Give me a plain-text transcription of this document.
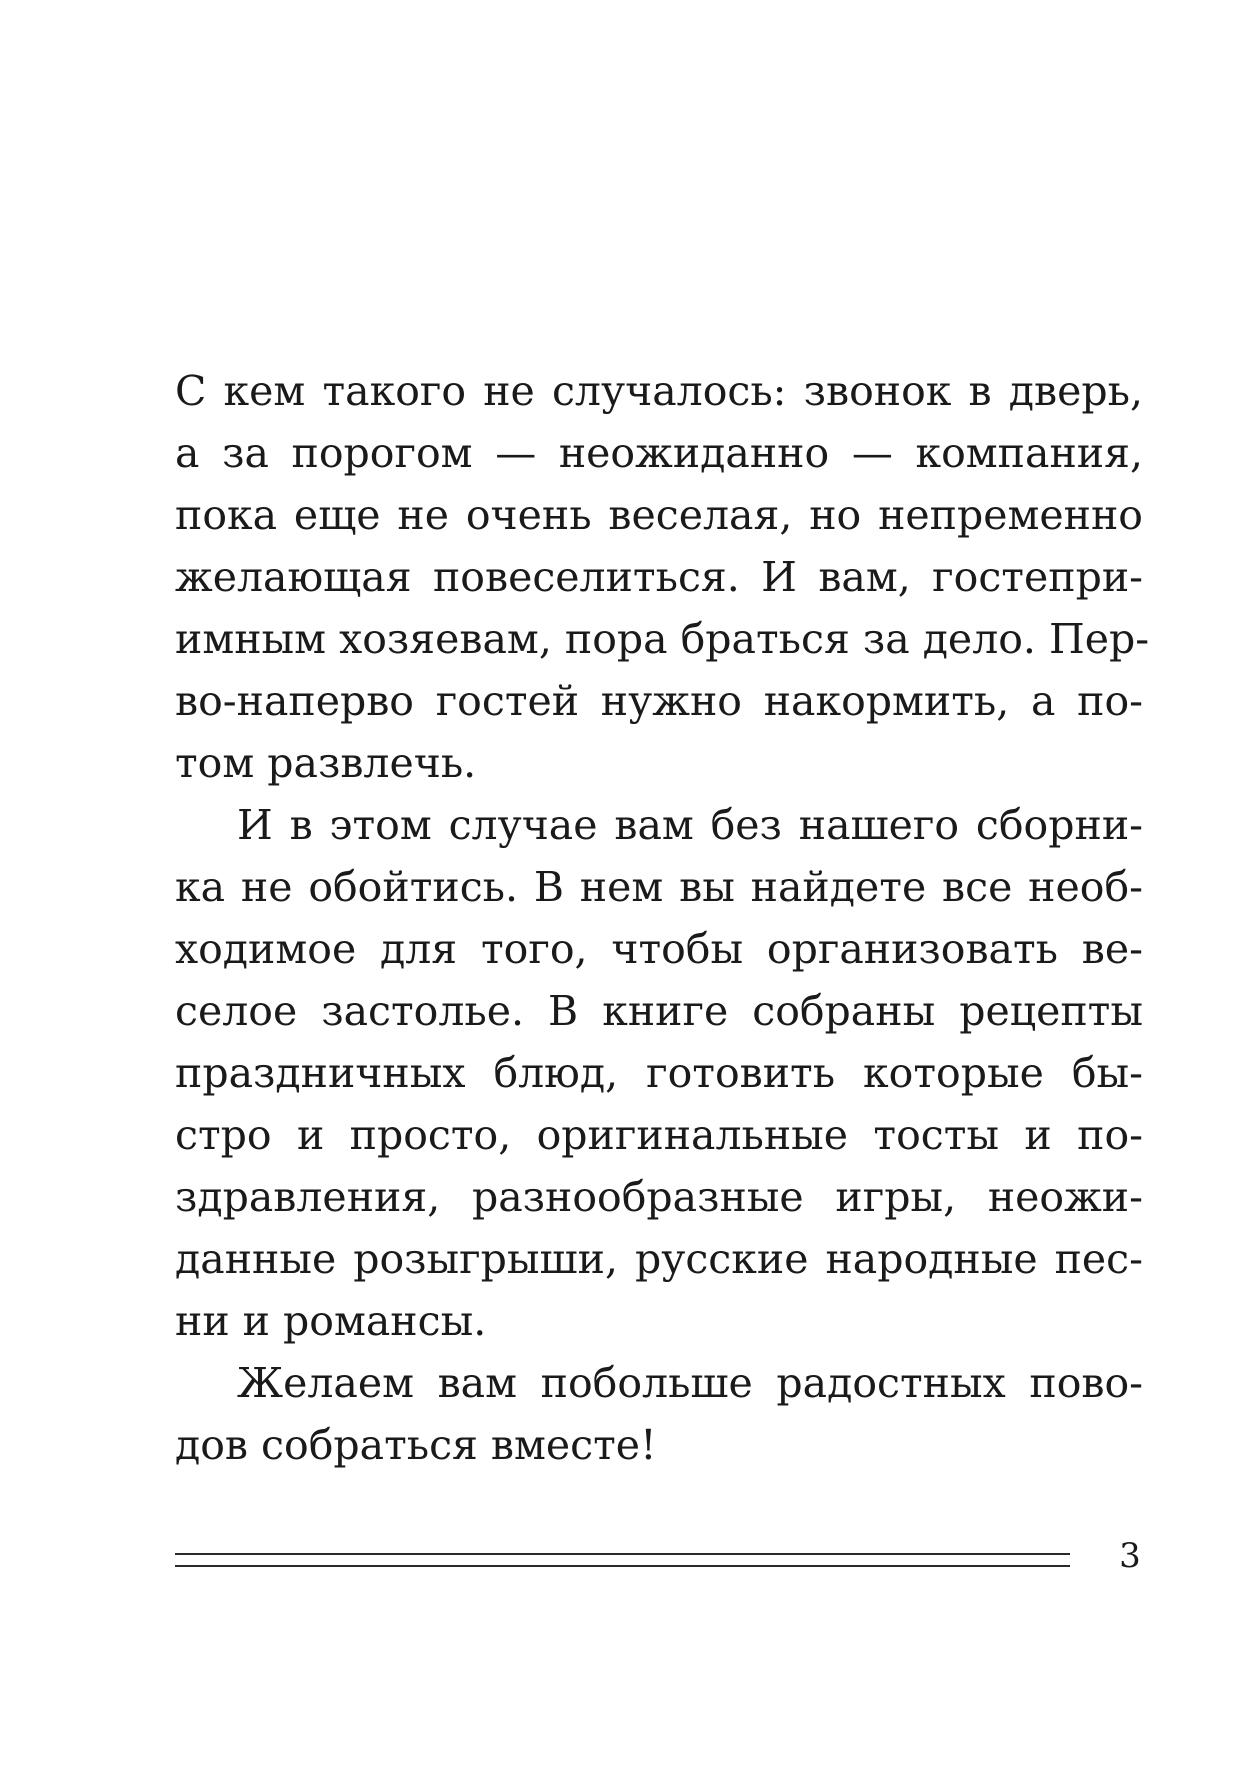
С кем такого не случалось: звонок в дверь,
а за порогом — неожиданно — компания,
пока еще не очень веселая, но непременно
желающая повеселиться. И вам, гостепри-
имным хозяевам, пора браться за дело. Пер-
во-наперво гостей нужно накормить, а по-
том развлечь.
И в этом случае вам без нашего сборни-
ка не обойтись. В нем вы найдете все необ-
ходимое для того, чтобы организовать ве-
селое застолье. В книге собраны рецепты
праздничных блюд, готовить которые бы-
стро и просто, оригинальные тосты и по-
здравления, разнообразные игры, неожи-
данные розыгрыши, русские народные пес-
ни и романсы.
Желаем вам побольше радостных пово-
дов собраться вместе!
3
